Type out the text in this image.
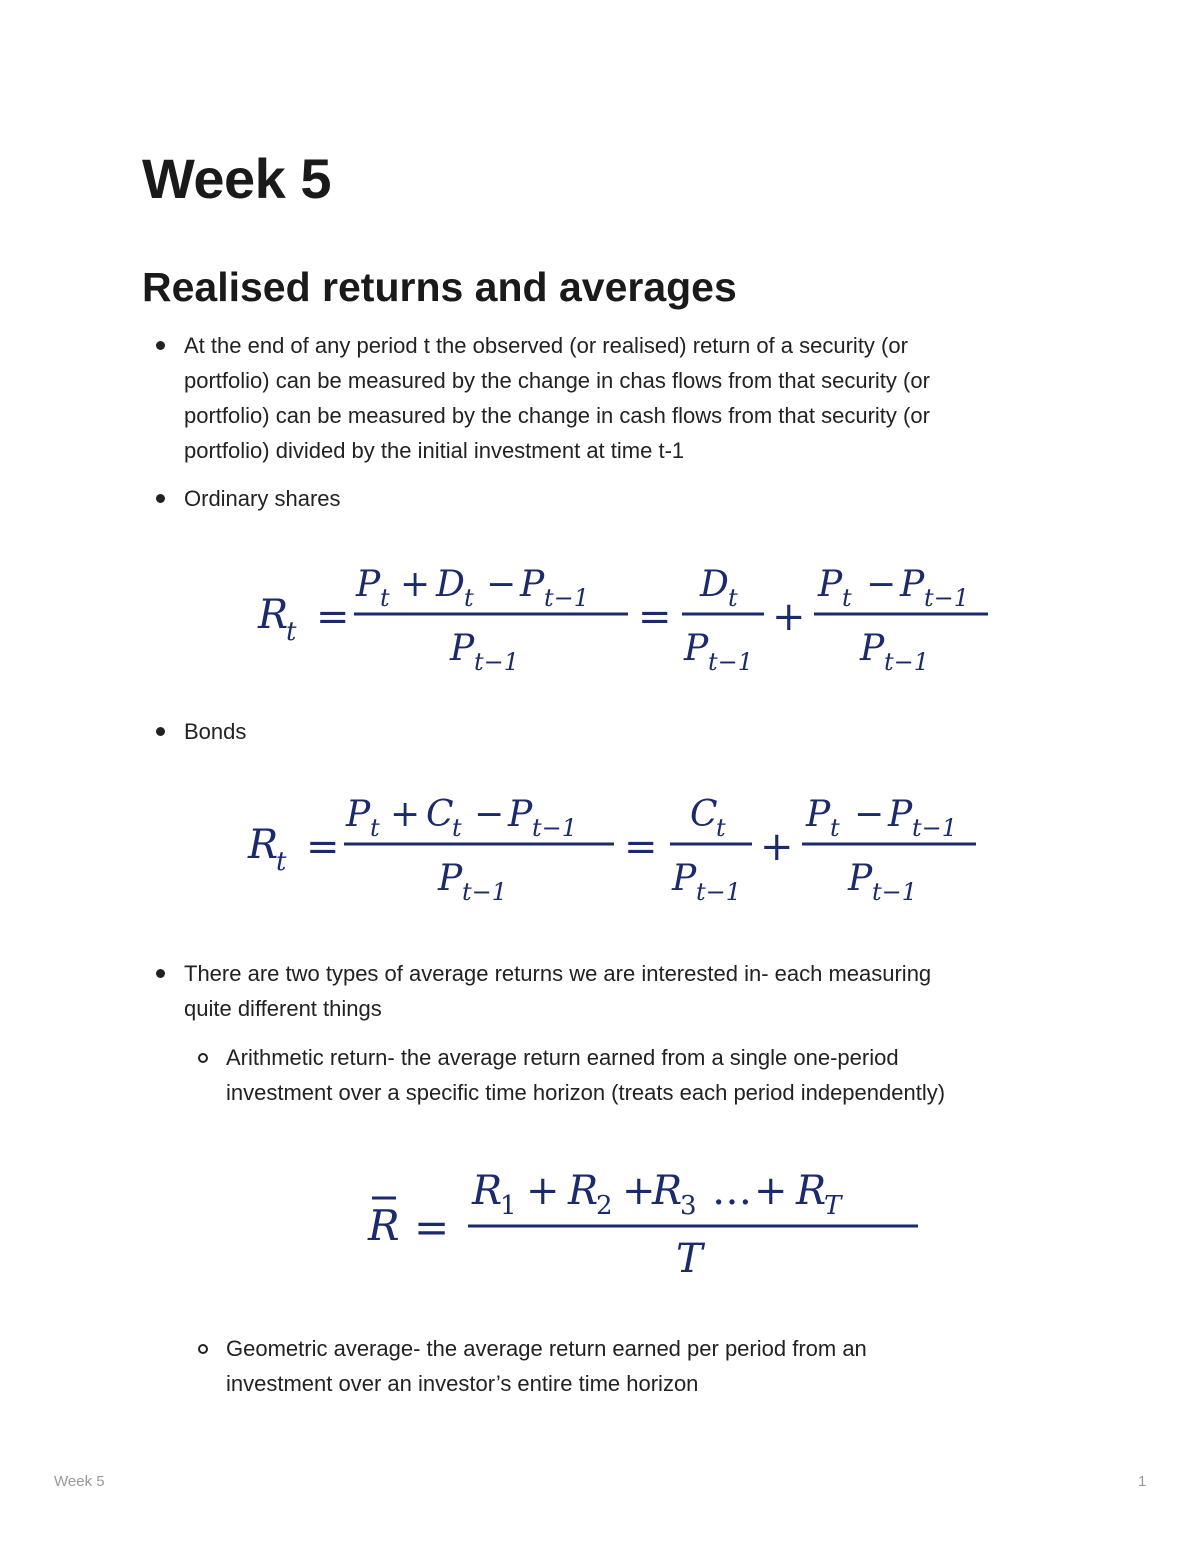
Week 5
Realised returns and averages
At the end of any period t the observed (or realised) return of a security (or
portfolio) can be measured by the change in chas flows from that security (or
portfolio) can be measured by the change in cash flows from that security (or
portfolio) divided by the initial investment at time t-1
Ordinary shares
R
t =
P t + D t − P t−1
P t−1
=
D t
P t−1
+
P t − P t−1
P t−1
Bonds
R
t =
P t + C
t − P t−1
P t−1
=
C
t
P t−1
+
P t − P t−1
P t−1
There are two types of average returns we are interested in- each measuring
quite different things
Arithmetic return- the average return earned from a single one-period
investment over a specific time horizon (treats each period independently)
R =
R
1 + R
2 +
R
3 … + R
T
T
Geometric average- the average return earned per period from an
investment over an investor’s entire time horizon
Week 5	1
